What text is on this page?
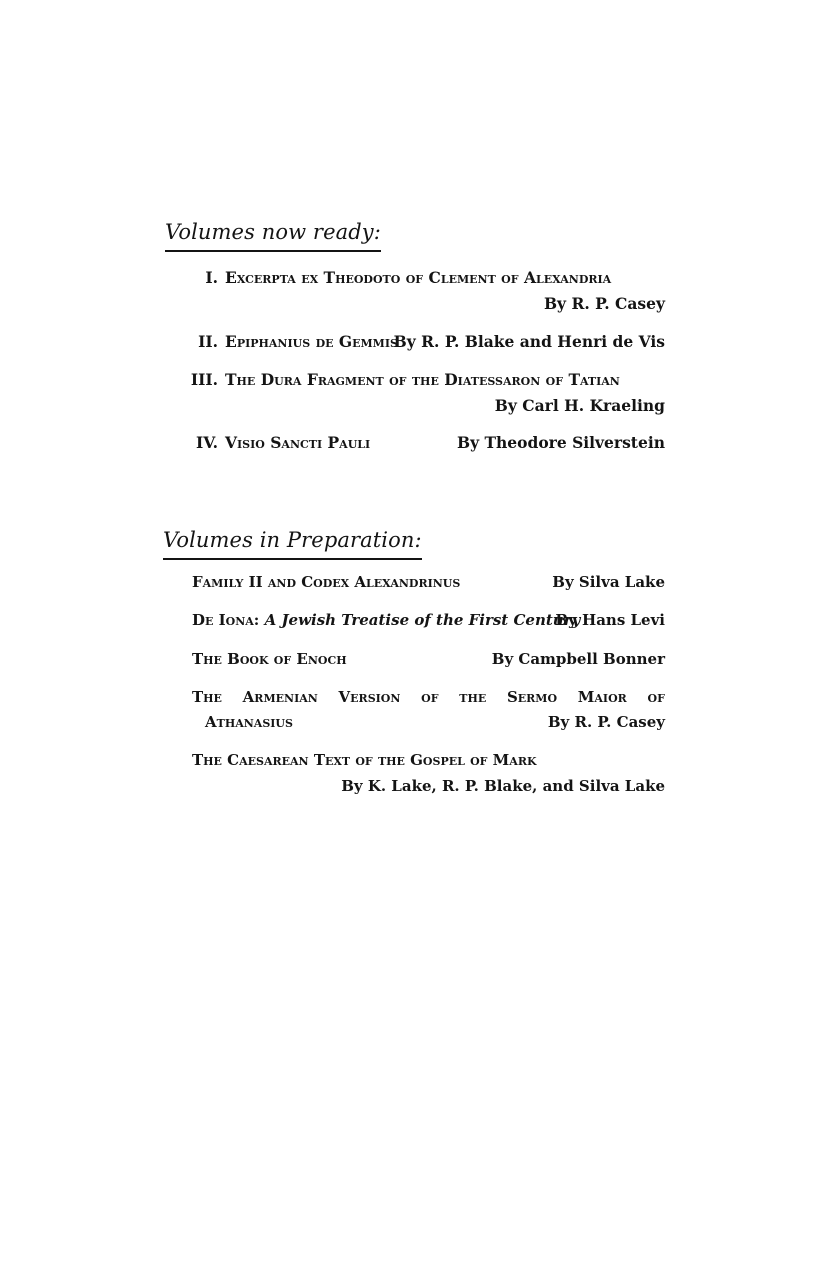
Volumes now ready:
I. Excerpta ex Theodoto of Clement of Alexandria
By R. P. Casey
II. Epiphanius de Gemmis
By R. P. Blake and Henri de Vis
III. The Dura Fragment of the Diatessaron of Tatian
By Carl H. Kraeling
IV. Visio Sancti Pauli	By Theodore Silverstein
Volumes in Preparation:
Family II and Codex Alexandrinus	By Silva Lake
De Iona: A Jewish Treatise of the First Century
By Hans Levi
The Book of Enoch	By Campbell Bonner
The Armenian Version of the Sermo Maior of
Athanasius	By R. P. Casey
The Caesarean Text of the Gospel of Mark
By K. Lake, R. P. Blake, and Silva Lake
